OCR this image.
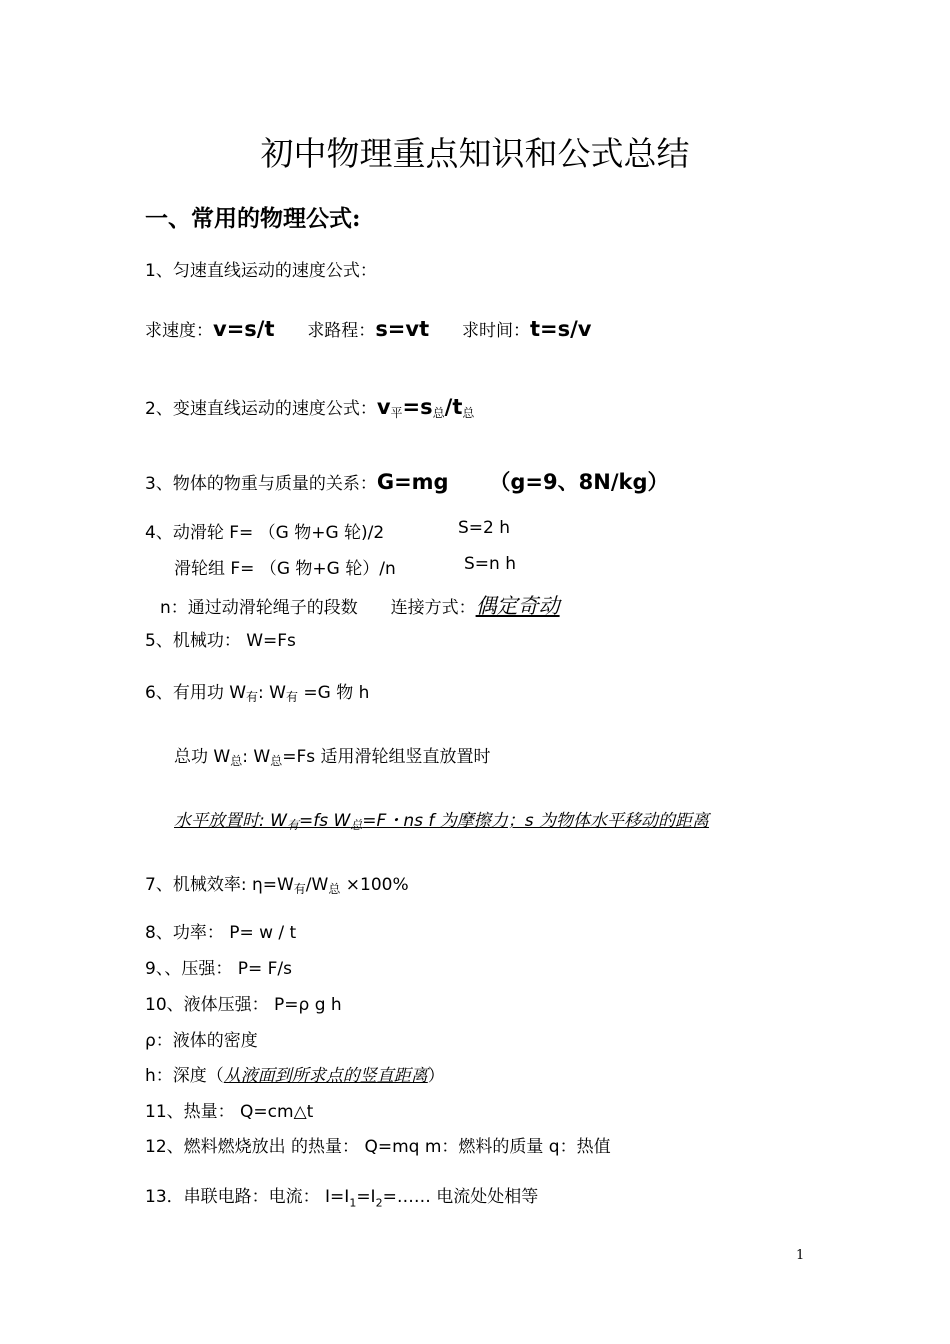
初中物理重点知识和公式总结
一、常用的物理公式:
1、匀速直线运动的速度公式：
求速度：v=s/t 求路程：s=vt 求时间：t=s/v
2、变速直线运动的速度公式：v平=s总/t总
3、物体的物重与质量的关系：G=mg （g=9、8N/kg）
4、动滑轮 F= （G 物+G 轮)/2	S=2 h
滑轮组 F= （G 物+G 轮）/n	S=n h
n：通过动滑轮绳子的段数 连接方式：偶定奇动
5、机械功： W=Fs
6、有用功 W有: W有 =G 物 h
总功 W总: W总=Fs 适用滑轮组竖直放置时
水平放置时: W有=fs W总=F・ns f 为摩擦力；s 为物体水平移动的距离
7、机械效率: η=W有/W总 ×100%
8、功率： P= w / t
9、、压强： P= F/s
10、液体压强： P=ρ g h
ρ：液体的密度
h：深度（从液面到所求点的竖直距离）
11、热量： Q=cm△t
12、燃料燃烧放出 的热量： Q=mq m：燃料的质量 q：热值
13．串联电路：电流： $I=I_1=I_2=\dots\dots$ 电流处处相等
1
